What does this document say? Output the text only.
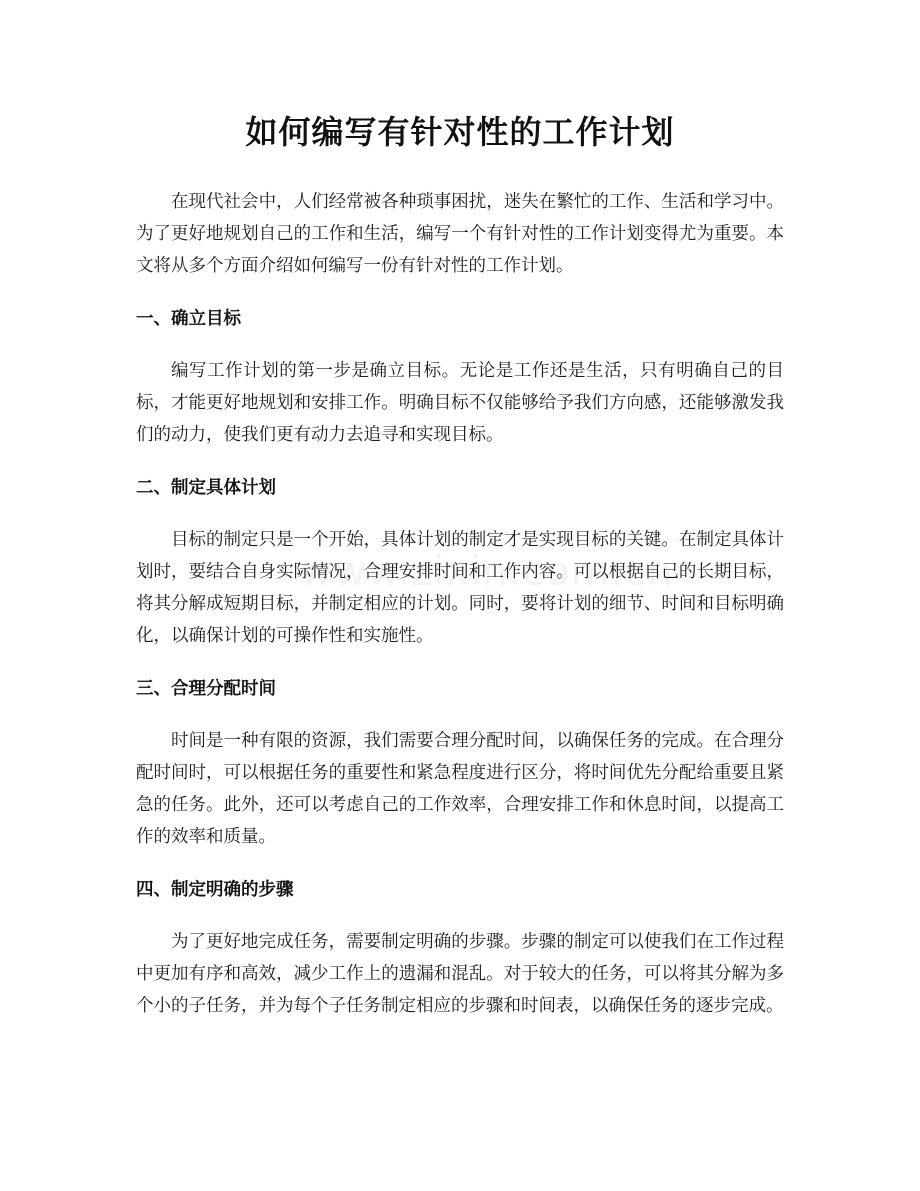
如何编写有针对性的工作计划

在现代社会中，人们经常被各种琐事困扰，迷失在繁忙的工作、生活和学习中。为了更好地规划自己的工作和生活，编写一个有针对性的工作计划变得尤为重要。本文将从多个方面介绍如何编写一份有针对性的工作计划。

一、确立目标

编写工作计划的第一步是确立目标。无论是工作还是生活，只有明确自己的目标，才能更好地规划和安排工作。明确目标不仅能够给予我们方向感，还能够激发我们的动力，使我们更有动力去追寻和实现目标。

二、制定具体计划

目标的制定只是一个开始，具体计划的制定才是实现目标的关键。在制定具体计划时，要结合自身实际情况，合理安排时间和工作内容。可以根据自己的长期目标，将其分解成短期目标，并制定相应的计划。同时，要将计划的细节、时间和目标明确化，以确保计划的可操作性和实施性。

三、合理分配时间

时间是一种有限的资源，我们需要合理分配时间，以确保任务的完成。在合理分配时间时，可以根据任务的重要性和紧急程度进行区分，将时间优先分配给重要且紧急的任务。此外，还可以考虑自己的工作效率，合理安排工作和休息时间，以提高工作的效率和质量。

四、制定明确的步骤

为了更好地完成任务，需要制定明确的步骤。步骤的制定可以使我们在工作过程中更加有序和高效，减少工作上的遗漏和混乱。对于较大的任务，可以将其分解为多个小的子任务，并为每个子任务制定相应的步骤和时间表，以确保任务的逐步完成。
